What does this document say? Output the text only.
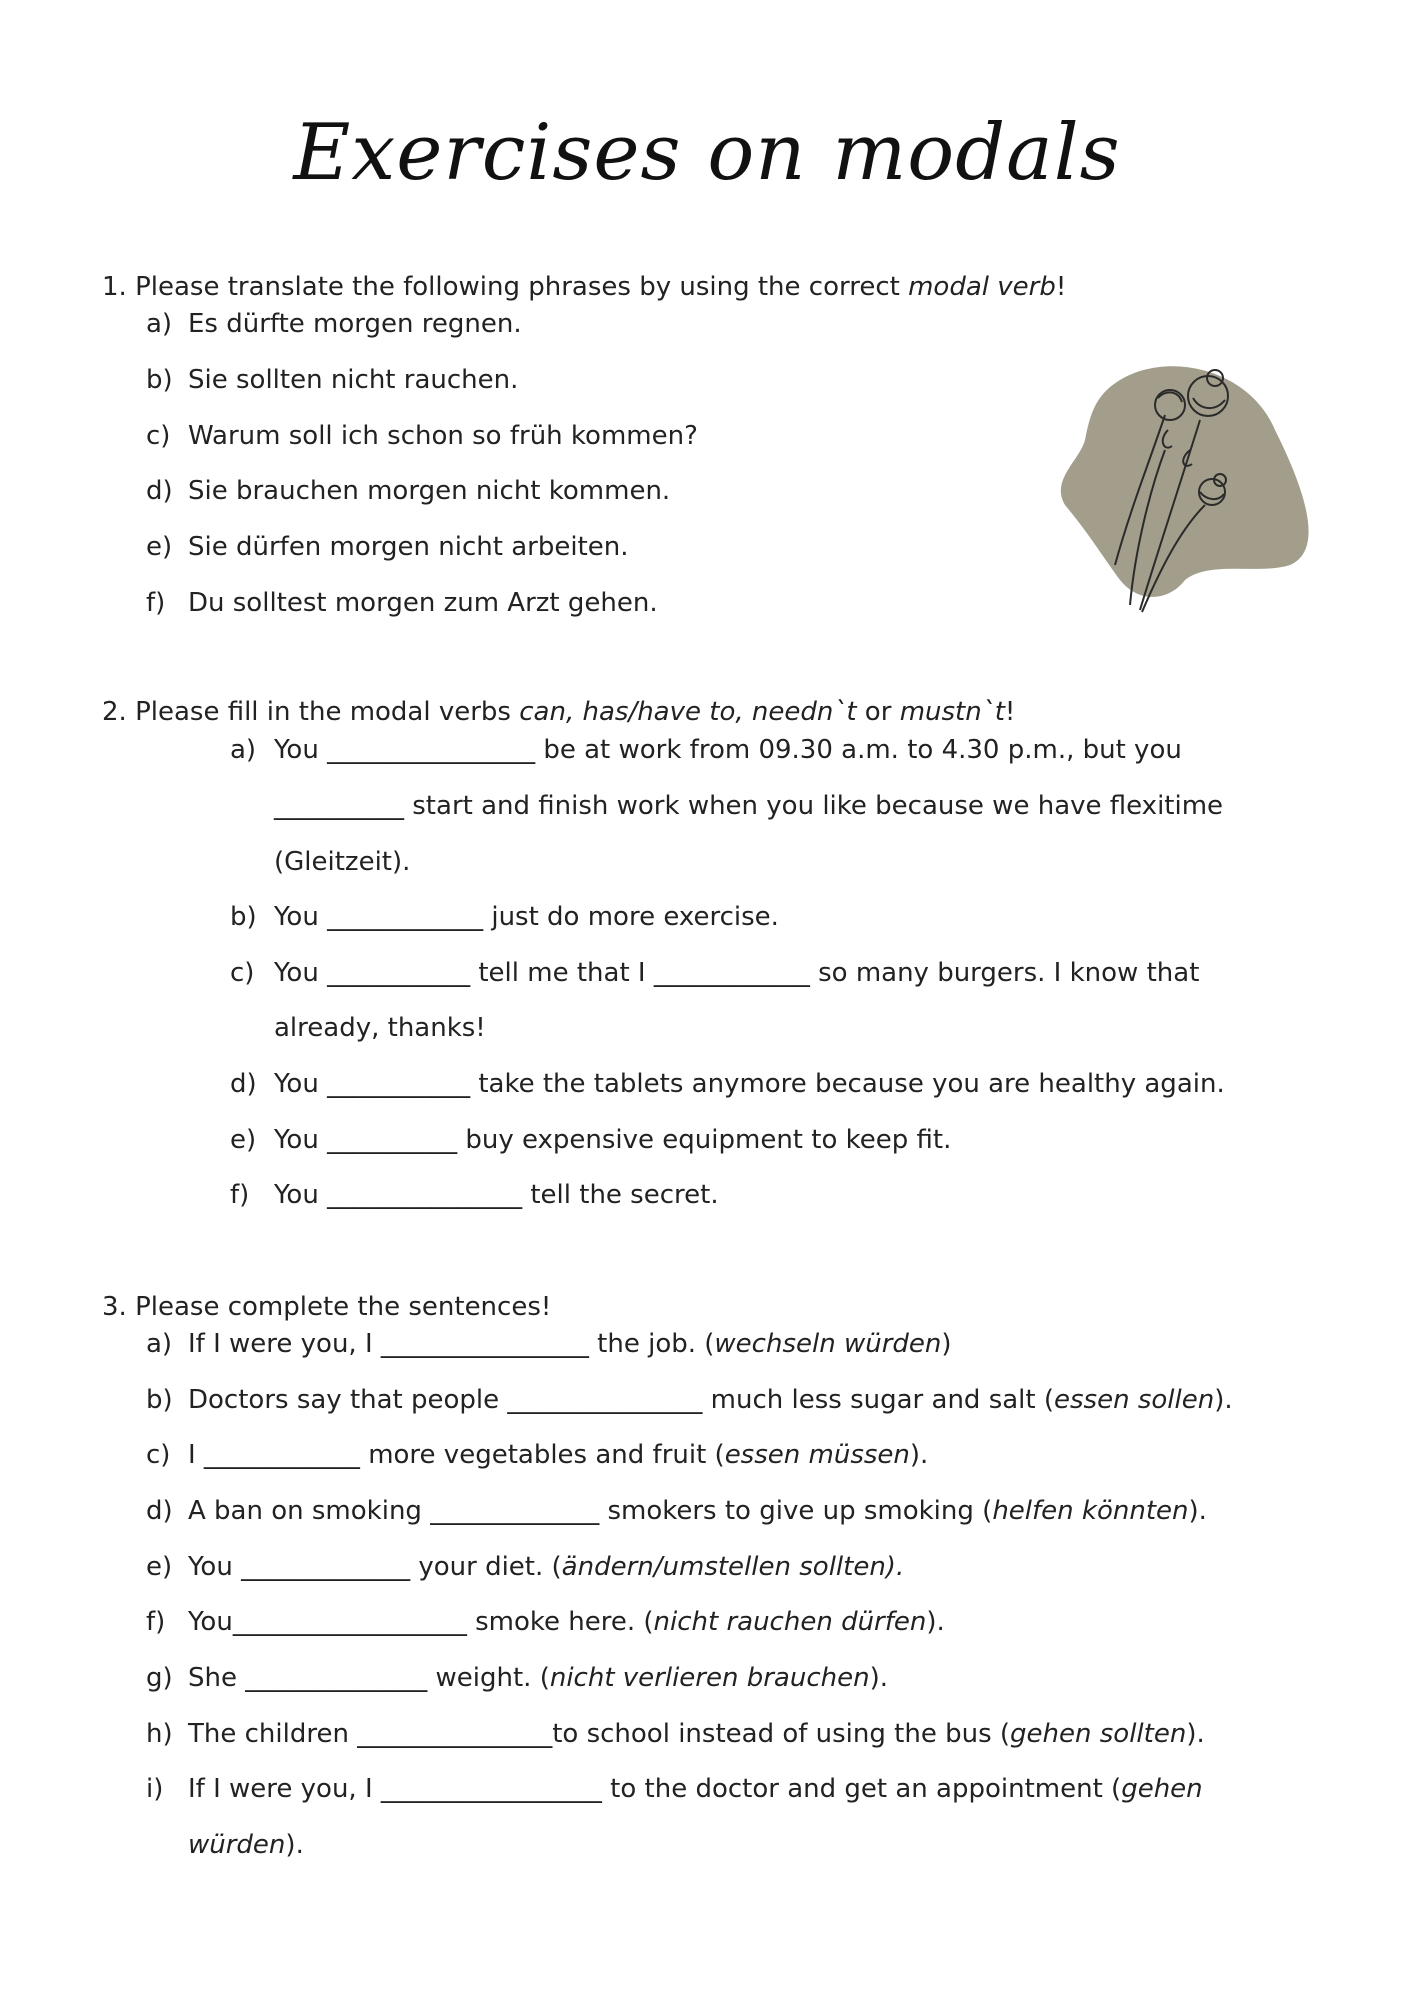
Exercises on modals
1. Please translate the following phrases by using the correct modal verb!
a) Es dürfte morgen regnen.
b) Sie sollten nicht rauchen.
c) Warum soll ich schon so früh kommen?
d) Sie brauchen morgen nicht kommen.
e) Sie dürfen morgen nicht arbeiten.
f) Du solltest morgen zum Arzt gehen.
2. Please fill in the modal verbs can, has/have to, needn`t or mustn`t!
a) You ________________ be at work from 09.30 a.m. to 4.30 p.m., but you
__________ start and finish work when you like because we have flexitime
(Gleitzeit).
b) You ____________ just do more exercise.
c) You ___________ tell me that I ____________ so many burgers. I know that
already, thanks!
d) You ___________ take the tablets anymore because you are healthy again.
e) You __________ buy expensive equipment to keep fit.
f) You _______________ tell the secret.
3. Please complete the sentences!
a) If I were you, I ________________ the job. (wechseln würden)
b) Doctors say that people _______________ much less sugar and salt (essen sollen).
c) I ____________ more vegetables and fruit (essen müssen).
d) A ban on smoking _____________ smokers to give up smoking (helfen könnten).
e) You _____________ your diet. (ändern/umstellen sollten).
f) You__________________ smoke here. (nicht rauchen dürfen).
g) She ______________ weight. (nicht verlieren brauchen).
h) The children _______________to school instead of using the bus (gehen sollten).
i) If I were you, I _________________ to the doctor and get an appointment (gehen
würden).
